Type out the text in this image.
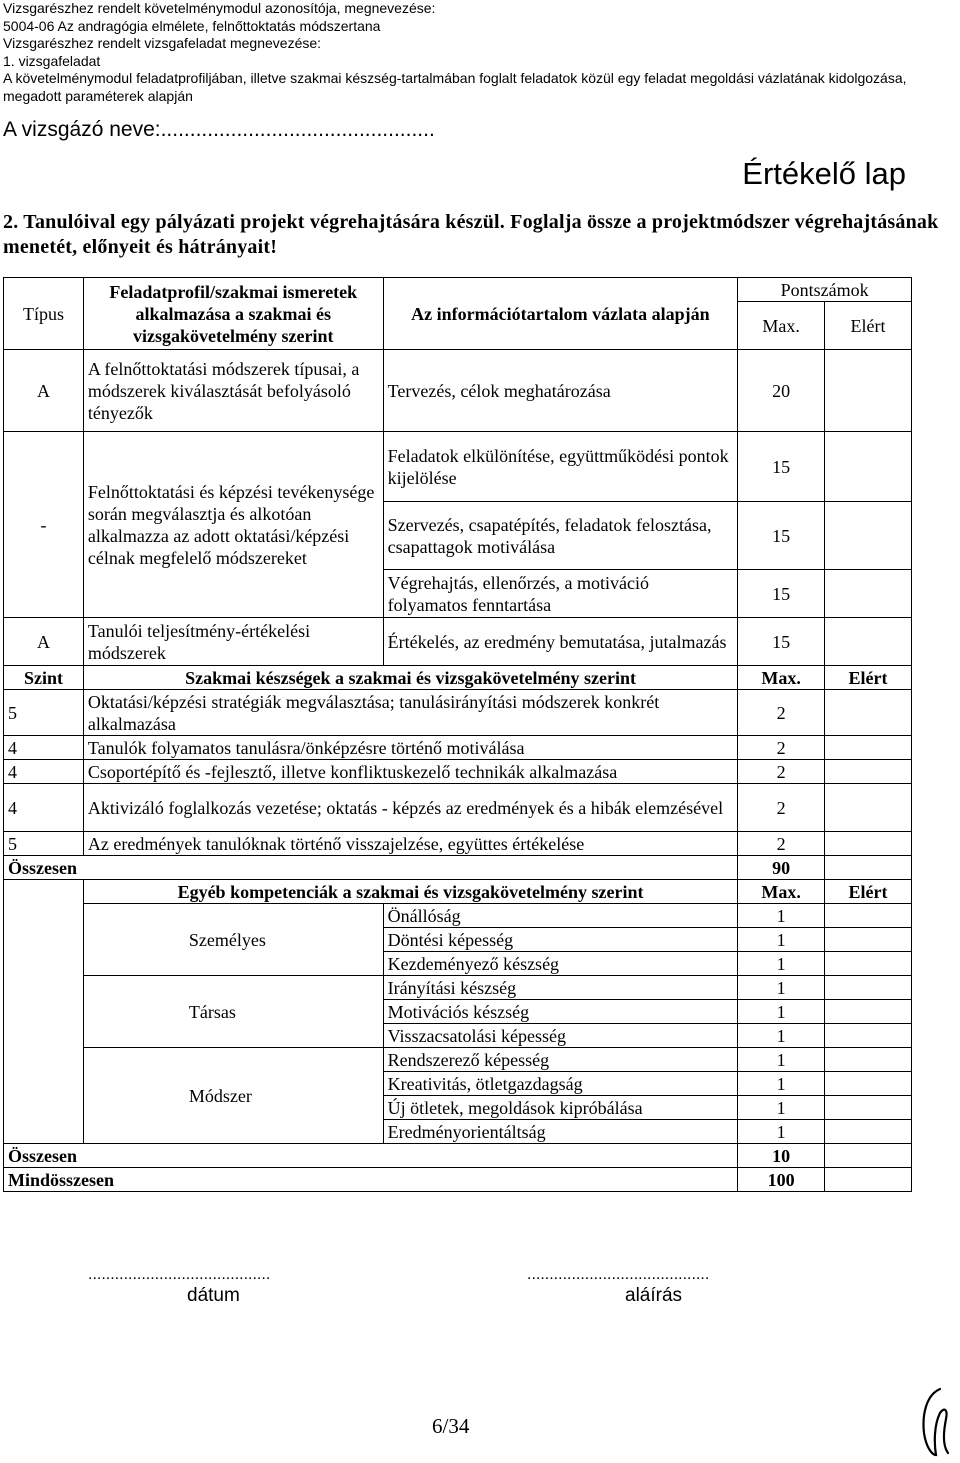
Vizsgarészhez rendelt követelménymodul azonosítója, megnevezése:
5004-06 Az andragógia elmélete, felnőttoktatás módszertana
Vizsgarészhez rendelt vizsgafeladat megnevezése:
1. vizsgafeladat
A követelménymodul feladatprofiljában, illetve szakmai készség-tartalmában foglalt feladatok közül egy feladat megoldási vázlatának kidolgozása, megadott paraméterek alapján
A vizsgázó neve:...............................................
Értékelő lap
2. Tanulóival egy pályázati projekt végrehajtására készül. Foglalja össze a projektmódszer végrehajtásának menetét, előnyeit és hátrányait!
Típus	Feladatprofil/szakmai ismeretek alkalmazása a szakmai és vizsgakövetelmény szerint	Az információtartalom vázlata alapján	Pontszámok	
			Max.	Elért
A	A felnőttoktatási módszerek típusai, a módszerek kiválasztását befolyásoló tényezők	Tervezés, célok meghatározása	20	
-	Felnőttoktatási és képzési tevékenysége során megválasztja és alkotóan alkalmazza az adott oktatási/képzési célnak megfelelő módszereket	Feladatok elkülönítése, együttműködési pontok kijelölése	15	
		Szervezés, csapatépítés, feladatok felosztása, csapattagok motiválása	15	
		Végrehajtás, ellenőrzés, a motiváció folyamatos fenntartása	15	
A	Tanulói teljesítmény-értékelési módszerek	Értékelés, az eredmény bemutatása, jutalmazás	15	
Szint	Szakmai készségek a szakmai és vizsgakövetelmény szerint		Max.	Elért
5	Oktatási/képzési stratégiák megválasztása; tanulásirányítási módszerek konkrét alkalmazása		2	
4	Tanulók folyamatos tanulásra/önképzésre történő motiválása		2	
4	Csoportépítő és -fejlesztő, illetve konfliktuskezelő technikák alkalmazása		2	
4	Aktivizáló foglalkozás vezetése; oktatás - képzés az eredmények és a hibák elemzésével		2	
5	Az eredmények tanulóknak történő visszajelzése, együttes értékelése		2	
Összesen			90	
	Egyéb kompetenciák a szakmai és vizsgakövetelmény szerint		Max.	Elért
	Személyes	Önállóság	1	
		Döntési képesség	1	
		Kezdeményező készség	1	
	Társas	Irányítási készség	1	
		Motivációs készség	1	
		Visszacsatolási képesség	1	
	Módszer	Rendszerező képesség	1	
		Kreativitás, ötletgazdagság	1	
		Új ötletek, megoldások kipróbálása	1	
		Eredményorientáltság	1	
Összesen			10	
Mindösszesen			100	
.........................................	.........................................
dátum	aláírás
6/34
